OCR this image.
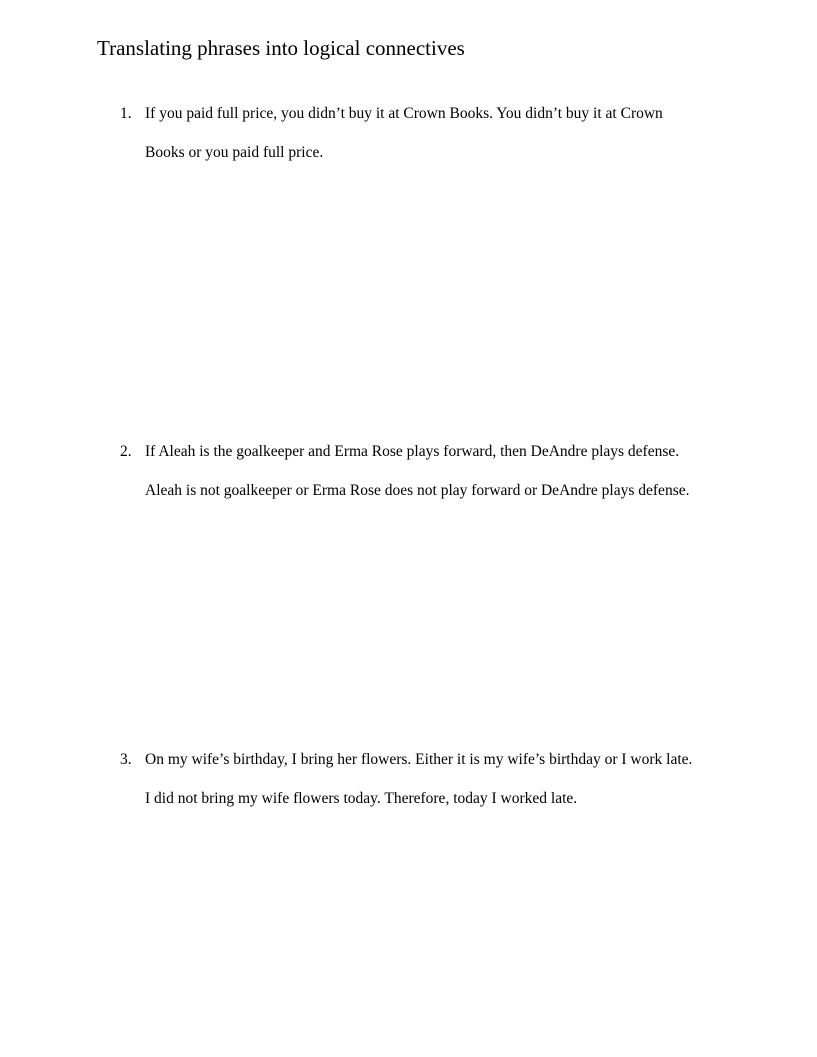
Translating phrases into logical connectives
1. If you paid full price, you didn’t buy it at Crown Books. You didn’t buy it at Crown
Books or you paid full price.
2. If Aleah is the goalkeeper and Erma Rose plays forward, then DeAndre plays defense.
Aleah is not goalkeeper or Erma Rose does not play forward or DeAndre plays defense.
3. On my wife’s birthday, I bring her flowers. Either it is my wife’s birthday or I work late.
I did not bring my wife flowers today. Therefore, today I worked late.
